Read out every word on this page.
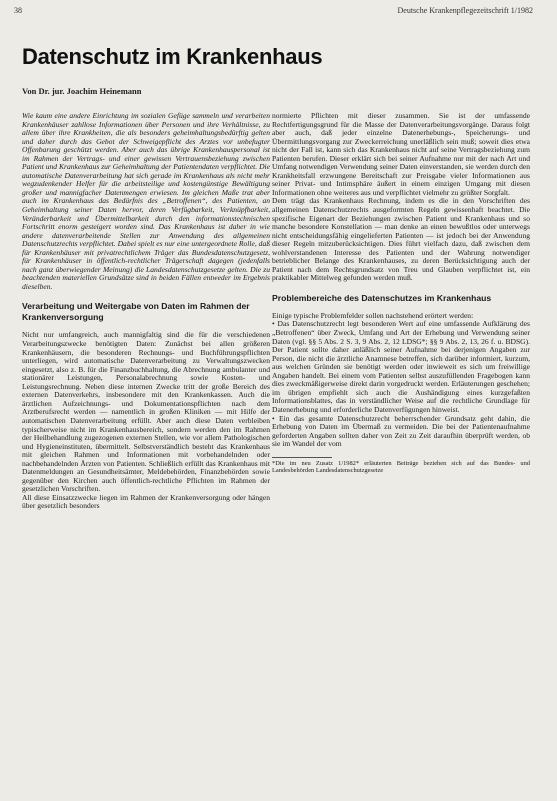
38	Deutsche Krankenpflegezeitschrift 1/1982
Datenschutz im Krankenhaus
Von Dr. jur. Joachim Heinemann

Wie kaum eine andere Einrichtung im sozialen Gefüge sammeln und verarbeiten Krankenhäuser zahllose Informationen über Personen und ihre Verhältnisse, zu allem über ihre Krankheiten, die als besonders geheimhaltungsbedürftig gelten und daher durch das Gebot der Schweigepflicht des Arztes vor unbefugter Offenbarung geschützt werden. Aber auch das übrige Krankenhauspersonal ist im Rahmen der Vertrags- und einer gewissen Vertrauensbeziehung zwischen Patient und Krankenhaus zur Geheimhaltung der Patientendaten verpflichtet. Die automatische Datenverarbeitung hat sich gerade im Krankenhaus als nicht mehr wegzudenkender Helfer für die arbeitsteilige und kostengünstige Bewältigung großer und mannigfacher Datenmengen erwiesen. Im gleichen Maße trat aber auch im Krankenhaus das Bedürfnis des „Betroffenen“, des Patienten, an Geheimhaltung seiner Daten hervor, deren Verfügbarkeit, Verknüpfbarkeit, Veränderbarkeit und Übermittelbarkeit durch den informationstechnischen Fortschritt enorm gesteigert worden sind. Das Krankenhaus ist daher in wie andere datenverarbeitende Stellen zur Anwendung des allgemeinen Datenschutzrechts verpflichtet. Dabei spielt es nur eine untergeordnete Rolle, daß für Krankenhäuser mit privatrechtlichem Träger das Bundesdatenschutzgesetz, für Krankenhäuser in öffentlich-rechtlicher Trägerschaft dagegen (jedenfalls nach ganz überwiegender Meinung) die Landesdatenschutzgesetze gelten. Die zu beachtenden materiellen Grundsätze sind in beiden Fällen entweder im Ergebnis dieselben.

Verarbeitung und Weitergabe von Daten im Rahmen der Krankenversorgung

Nicht nur umfangreich, auch mannigfaltig sind die für die verschiedenen Verarbeitungszwecke benötigten Daten: Zunächst bei allen größeren Krankenhäusern, die besonderen Rechnungs- und Buchführungspflichten unterliegen, wird automatische Datenverarbeitung zu Verwaltungszwecken eingesetzt, also z. B. für die Finanzbuchhaltung, die Abrechnung ambulanter und stationärer Leistungen, Personalabrechnung sowie Kosten- und Leistungsrechnung. Neben diese internen Zwecke tritt der große Bereich des externen Datenverkehrs, insbesondere mit den Krankenkassen. Auch die ärztlichen Aufzeichnungs- und Dokumentationspflichten nach dem Arztberufsrecht werden — namentlich in großen Kliniken — mit Hilfe der automatischen Datenverarbeitung erfüllt. Aber auch diese Daten verbleiben typischerweise nicht im Krankenhausbereich, sondern werden den im Rahmen der Heilbehandlung zugezogenen externen Stellen, wie vor allem Pathologischen und Hygieneinstituten, übermittelt. Selbstverständlich besteht das Krankenhaus mit gleichen Rahmen und Informationen mit vorbehandelnden oder nachbehandelnden Ärzten von Patienten. Schließlich erfüllt das Krankenhaus mit Datenmeldungen an Gesundheitsämter, Meldebehörden, Finanzbehörden sowie gegenüber den Kirchen auch öffentlich-rechtliche Pflichten im Rahmen der gesetzlichen Vorschriften.

All diese Einsatzzwecke liegen im Rahmen der Krankenversorgung oder hängen über gesetzlich besonders

normierte Pflichten mit dieser zusammen. Sie ist der umfassende Rechtfertigungsgrund für die Masse der Datenverarbeitungsvorgänge. Daraus folgt aber auch, daß jeder einzelne Datenerhebungs-, Speicherungs- und Übermittlungsvorgang zur Zweckerreichung unerläßlich sein muß; soweit dies etwa nicht der Fall ist, kann sich das Krankenhaus nicht auf seine Vertragsbeziehung zum Patienten berufen. Dieser erklärt sich bei seiner Aufnahme nur mit der nach Art und Umfang notwendigen Verwendung seiner Daten einverstanden, sie werden durch den Krankheitsfall erzwungene Bereitschaft zur Preisgabe vieler Informationen aus seiner Privat- und Intimsphäre äußert in einem einzigen Umgang mit diesen Informationen ohne weiteres aus und verpflichtet vielmehr zu größter Sorgfalt.

Dem trägt das Krankenhaus Rechnung, indem es die in den Vorschriften des allgemeinen Datenschutzrechts ausgeformten Regeln gewissenhaft beachtet. Die spezifische Eigenart der Beziehungen zwischen Patient und Krankenhaus und so manche besondere Konstellation — man denke an einen bewußtlos oder unterwegs nicht entscheidungsfähig eingelieferten Patienten — ist jedoch bei der Anwendung dieser Regeln mitzuberücksichtigen. Dies führt vielfach dazu, daß zwischen dem wohlverstandenen Interesse des Patienten und der Wahrung notwendiger betrieblicher Belange des Krankenhauses, zu deren Berücksichtigung auch der Patient nach dem Rechtsgrundsatz von Treu und Glauben verpflichtet ist, ein praktikabler Mittelweg gefunden werden muß.

Problembereiche des Datenschutzes im Krankenhaus

Einige typische Problemfelder sollen nachstehend erörtert werden:

• Das Datenschutzrecht legt besonderen Wert auf eine umfassende Aufklärung des „Betroffenen“ über Zweck, Umfang und Art der Erhebung und Verwendung seiner Daten (vgl. §§ 5 Abs. 2 S. 3, 9 Abs. 2, 12 LDSG*; §§ 9 Abs. 2, 13, 26 f. u. BDSG). Der Patient sollte daher anläßlich seiner Aufnahme bei derjenigen Angaben zur Person, die nicht die ärztliche Anamnese betreffen, sich darüber informiert, kurzum, aus welchen Gründen sie benötigt werden oder inwieweit es sich um freiwillige Angaben handelt. Bei einem vom Patienten selbst auszufüllenden Fragebogen kann dies zweckmäßigerweise direkt darin vorgedruckt werden. Erläuterungen geschehen; im übrigen empfiehlt sich auch die Aushändigung eines kurzgefaßten Informationsblattes, das in verständlicher Weise auf die rechtliche Grundlage für Datenerhebung und erforderliche Datenverfügungen hinweist.

• Ein das gesamte Datenschutzrecht beherrschender Grundsatz geht dahin, die Erhebung von Daten im Übermaß zu vermeiden. Die bei der Patientenaufnahme geforderten Angaben sollten daher von Zeit zu Zeit daraufhin überprüft werden, ob sie im Wandel der vom

*Die im neu Zusatz 1/1982* erläuterten Beiträge beziehen sich auf das Bundes- und Landesbehörden Landesdatenschutzgesetze
